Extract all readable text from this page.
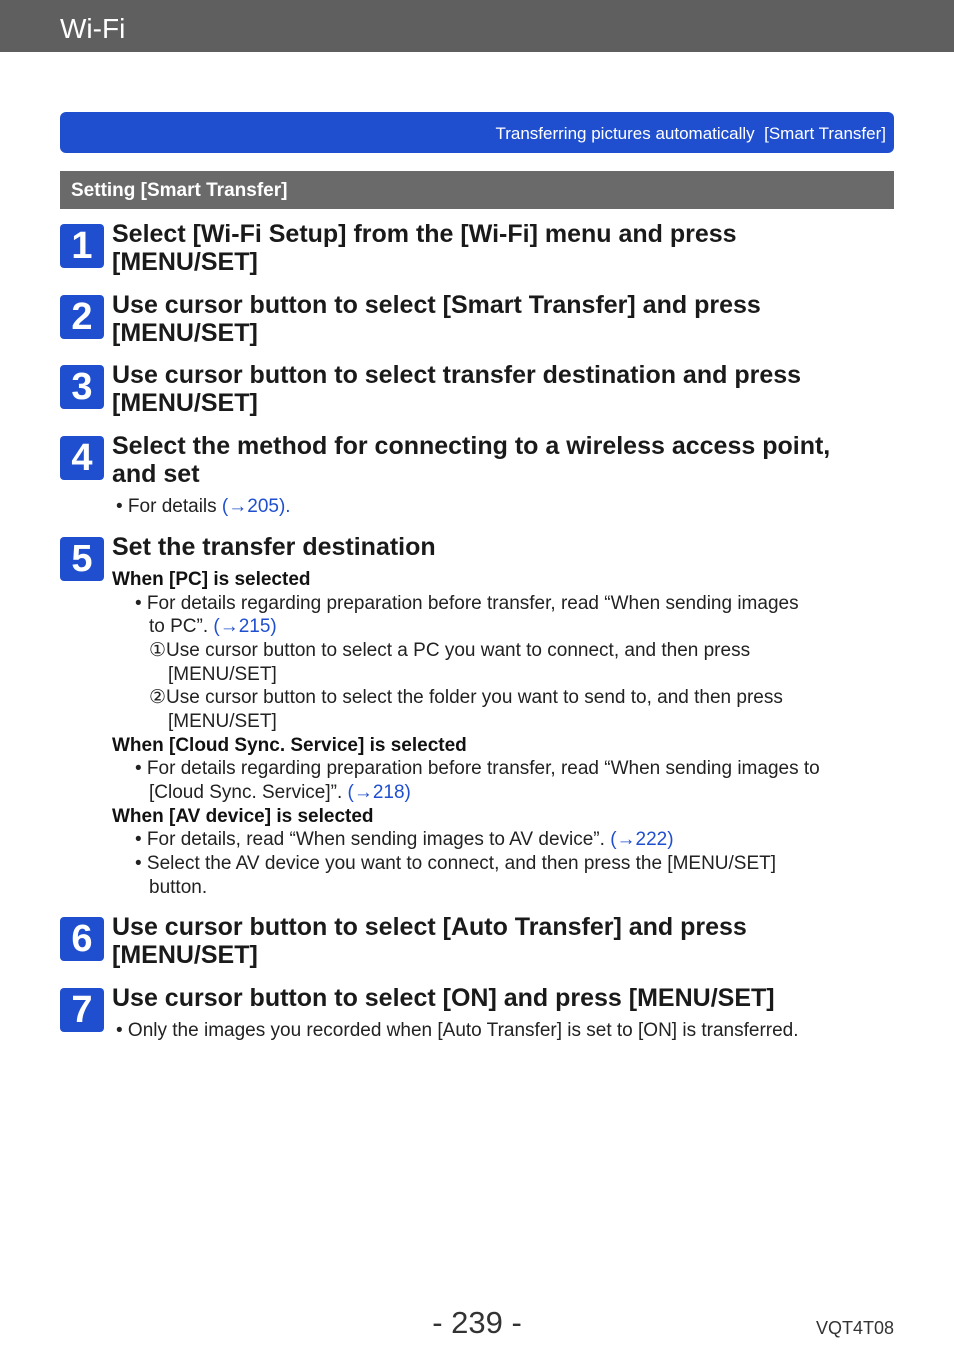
Wi-Fi
Transferring pictures automatically  [Smart Transfer]
Setting [Smart Transfer]
1 Select [Wi-Fi Setup] from the [Wi-Fi] menu and press
[MENU/SET]
2 Use cursor button to select [Smart Transfer] and press
[MENU/SET]
3 Use cursor button to select transfer destination and press
[MENU/SET]
4 Select the method for connecting to a wireless access point,
and set
• For details (→205).
5 Set the transfer destination
When [PC] is selected
• For details regarding preparation before transfer, read “When sending images
to PC”. (→215)
①Use cursor button to select a PC you want to connect, and then press
[MENU/SET]
②Use cursor button to select the folder you want to send to, and then press
[MENU/SET]
When [Cloud Sync. Service] is selected
• For details regarding preparation before transfer, read “When sending images to
[Cloud Sync. Service]”. (→218)
When [AV device] is selected
• For details, read “When sending images to AV device”. (→222)
• Select the AV device you want to connect, and then press the [MENU/SET]
button.
6 Use cursor button to select [Auto Transfer] and press
[MENU/SET]
7 Use cursor button to select [ON] and press [MENU/SET]
• Only the images you recorded when [Auto Transfer] is set to [ON] is transferred.
- 239 -	VQT4T08
